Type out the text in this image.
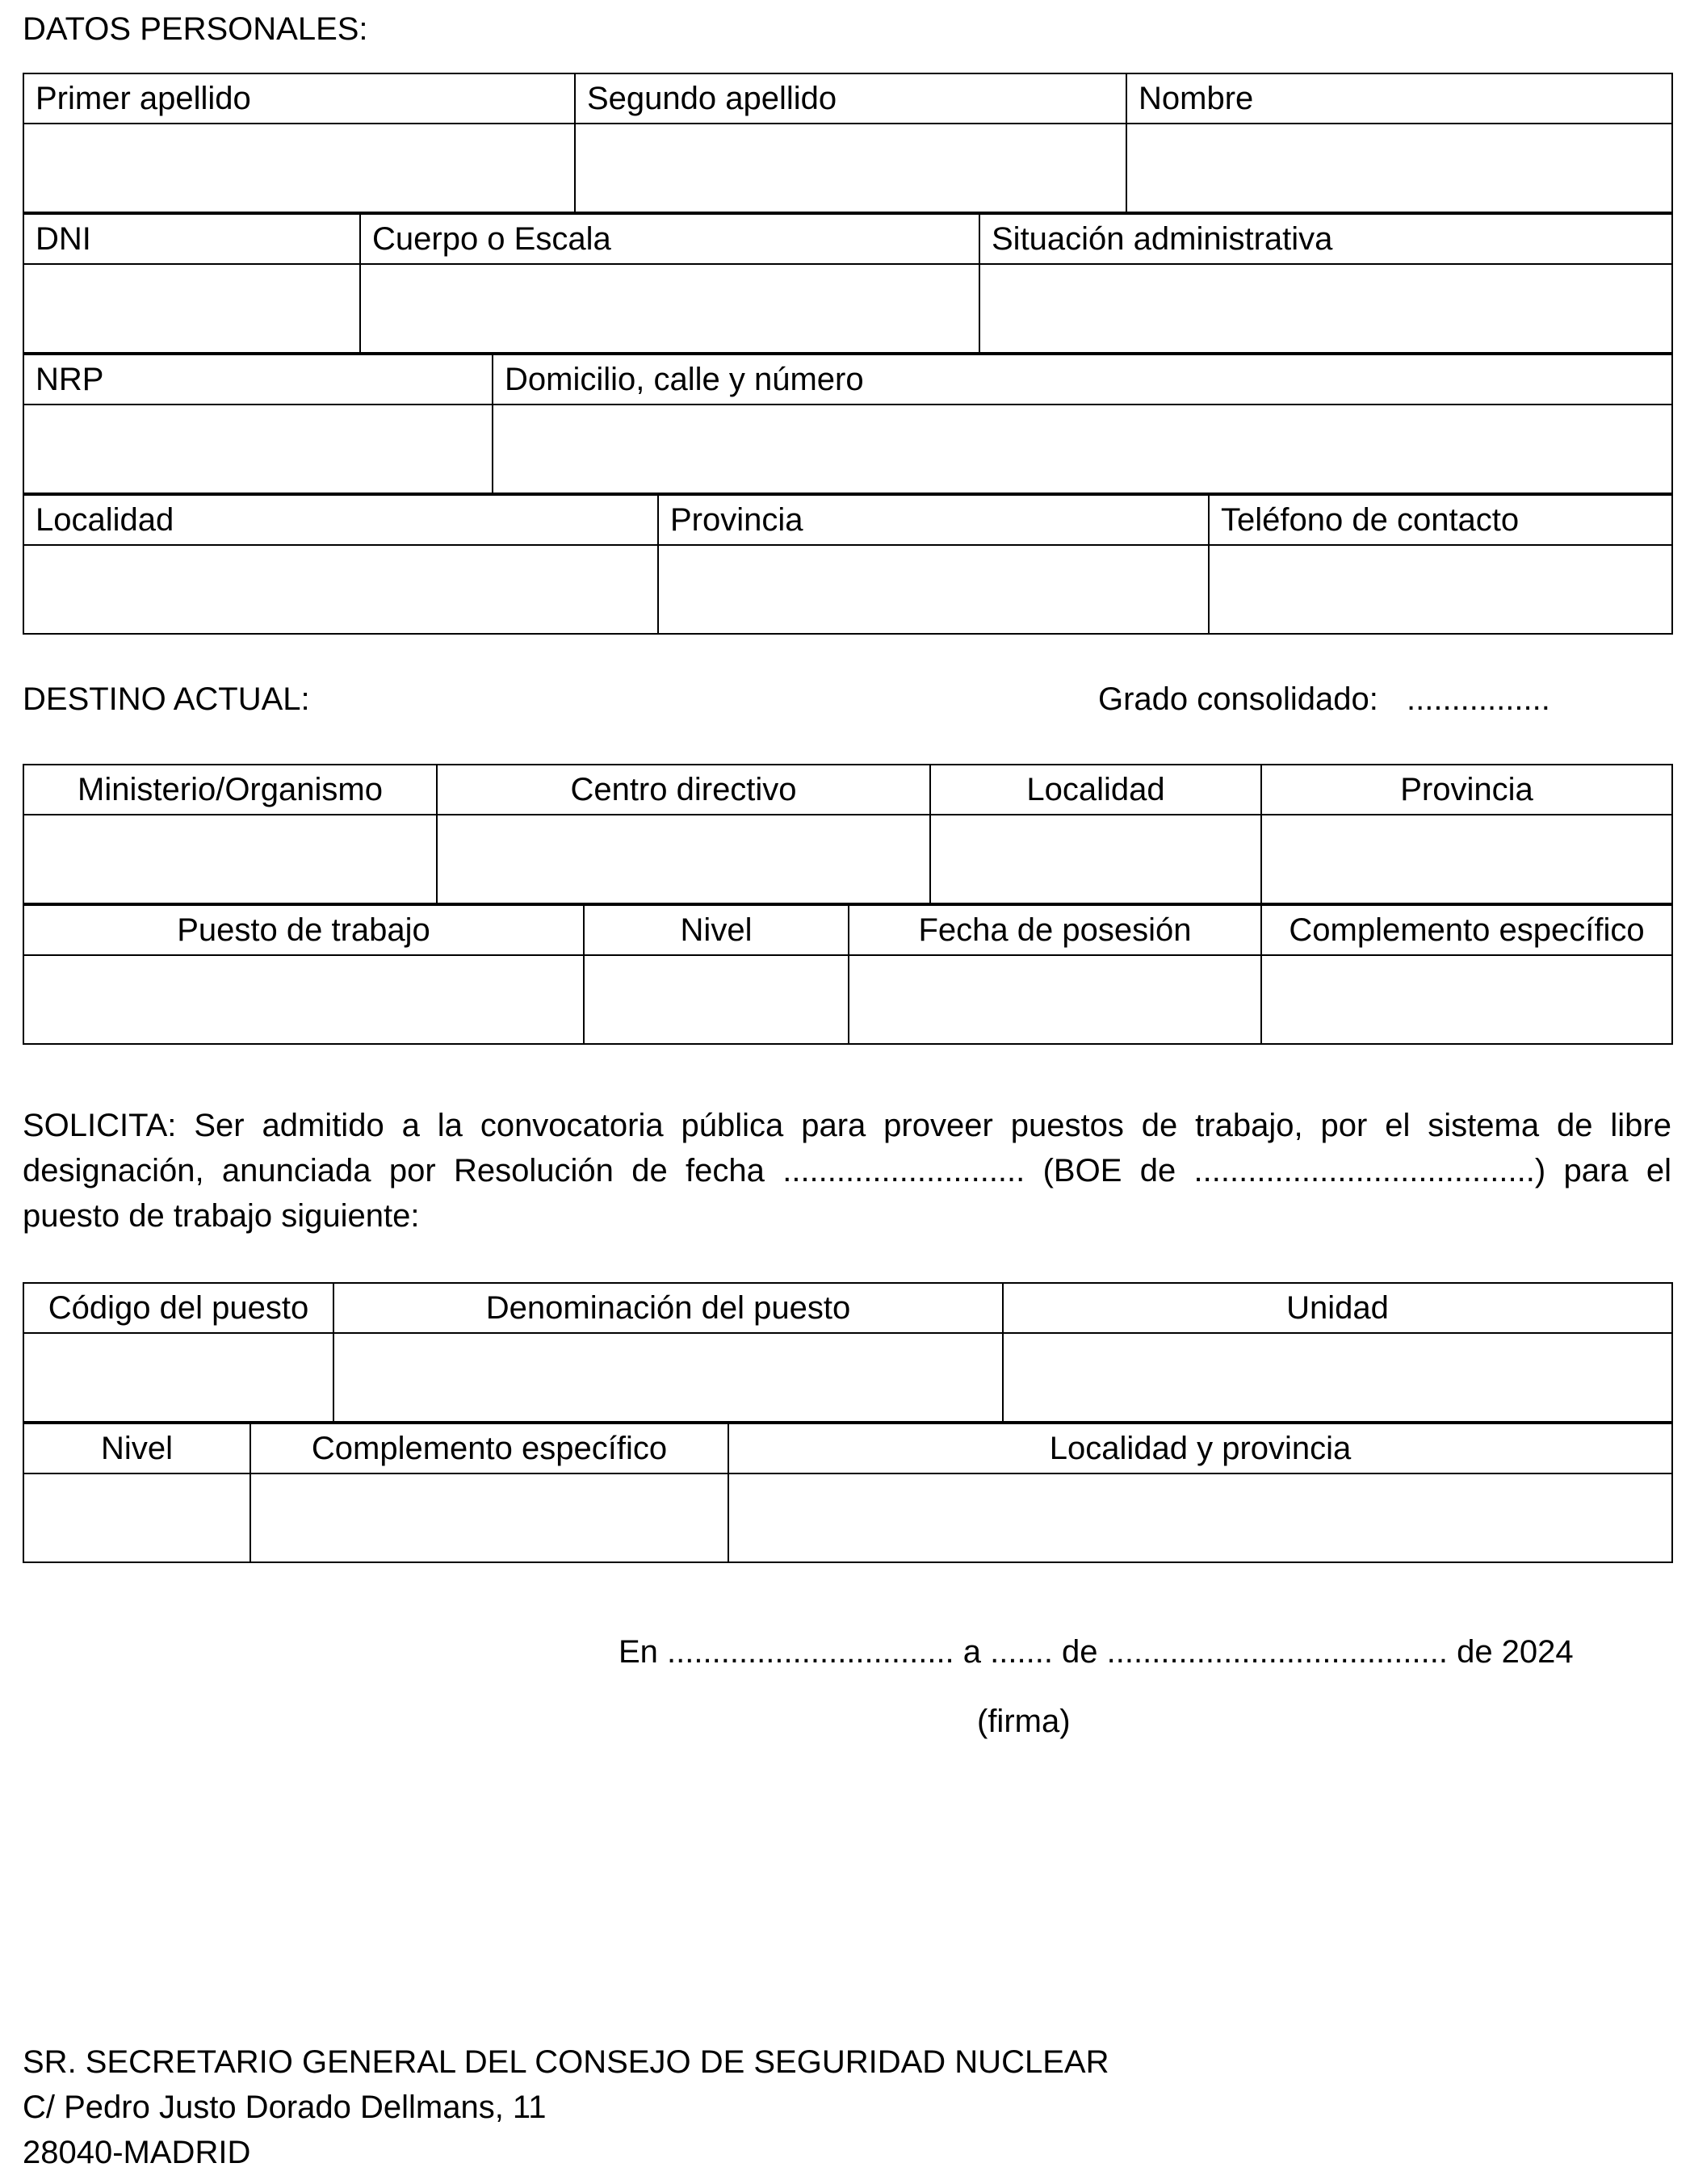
DATOS PERSONALES:
Primer apellido	Segundo apellido	Nombre

DNI	Cuerpo o Escala	Situación administrativa

NRP	Domicilio, calle y número

Localidad	Provincia	Teléfono de contacto

DESTINO ACTUAL:	Grado consolidado: ................
Ministerio/Organismo	Centro directivo	Localidad	Provincia

Puesto de trabajo	Nivel	Fecha de posesión	Complemento específico

SOLICITA: Ser admitido a la convocatoria pública para proveer puestos de trabajo, por el sistema de libre designación, anunciada por Resolución de fecha ........................... (BOE de ......................................) para el puesto de trabajo siguiente:
Código del puesto	Denominación del puesto	Unidad

Nivel	Complemento específico	Localidad y provincia

En ................................ a ....... de ...................................... de 2024
(firma)
SR. SECRETARIO GENERAL DEL CONSEJO DE SEGURIDAD NUCLEAR
C/ Pedro Justo Dorado Dellmans, 11
28040-MADRID
